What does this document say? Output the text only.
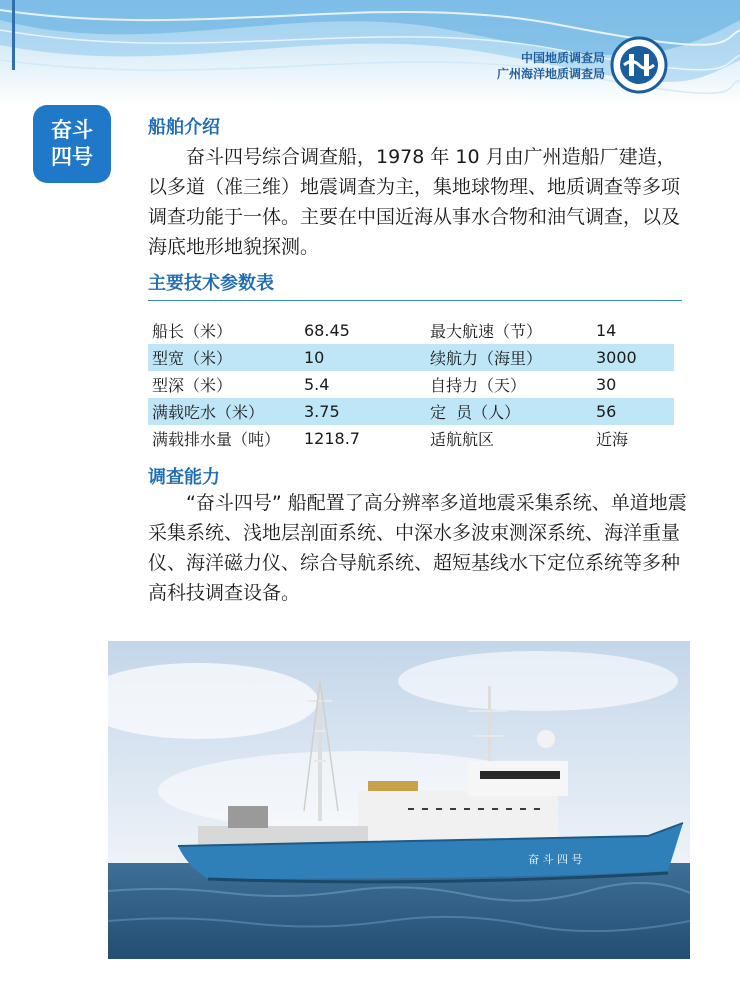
中国地质调查局
广州海洋地质调查局
奋斗
四号
船舶介绍

　　奋斗四号综合调查船，1978 年 10 月由广州造船厂建造，以多道（准三维）地震调查为主，集地球物理、地质调查等多项调查功能于一体。主要在中国近海从事水合物和油气调查，以及海底地形地貌探测。

主要技术参数表
船长（米）	68.45	最大航速（节）	14
型宽（米）	10	续航力（海里）	3000
型深（米）	5.4	自持力（天）	30
满载吃水（米）	3.75	定  员（人）	56
满载排水量（吨）	1218.7	适航航区	近海
调查能力

　　“奋斗四号” 船配置了高分辨率多道地震采集系统、单道地震采集系统、浅地层剖面系统、中深水多波束测深系统、海洋重量仪、海洋磁力仪、综合导航系统、超短基线水下定位系统等多种高科技调查设备。

奋 斗 四 号
